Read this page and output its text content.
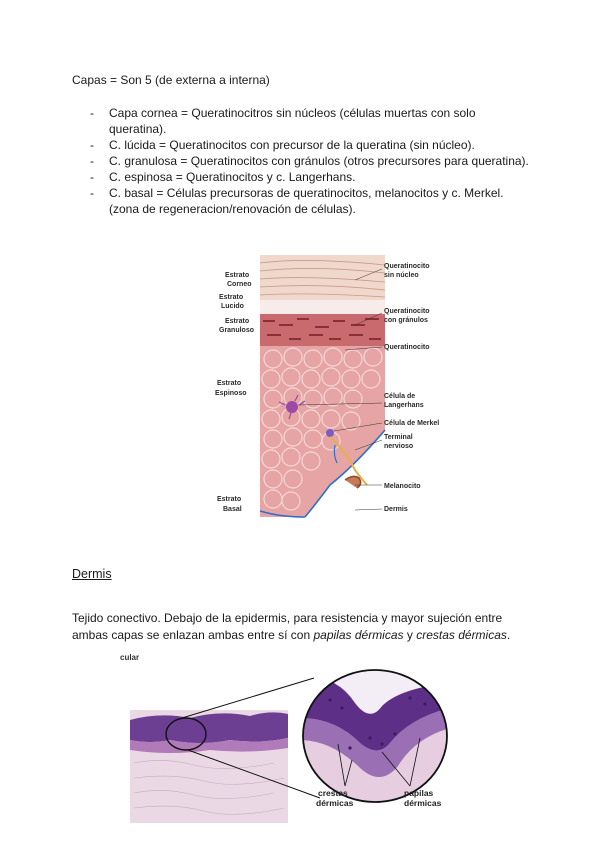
Capas = Son 5 (de externa a interna)
- Capa cornea = Queratinocitros sin núcleos (células muertas con solo queratina).
- C. lúcida = Queratinocitos con precursor de la queratina (sin núcleo).
- C. granulosa = Queratinocitos con gránulos (otros precursores para queratina).
- C. espinosa = Queratinocitos y c. Langerhans.
- C. basal = Células precursoras de queratinocitos, melanocitos y c. Merkel. (zona de regeneracion/renovación de células).
Estrato
Corneo
Estrato
Lucido
Estrato
Granuloso
Estrato
Espinoso
Estrato
Basal
Queratinocito
sin núcleo
Queratinocito
con gránulos
Queratinocito
Célula de
Langerhans
Célula de Merkel
Terminal
nervioso
Melanocito
Dermis
Dermis

Tejido conectivo. Debajo de la epidermis, para resistencia y mayor sujeción entre ambas capas se enlazan ambas entre sí con papilas dérmicas y crestas dérmicas.

cular
crestas
dérmicas
papilas
dérmicas
